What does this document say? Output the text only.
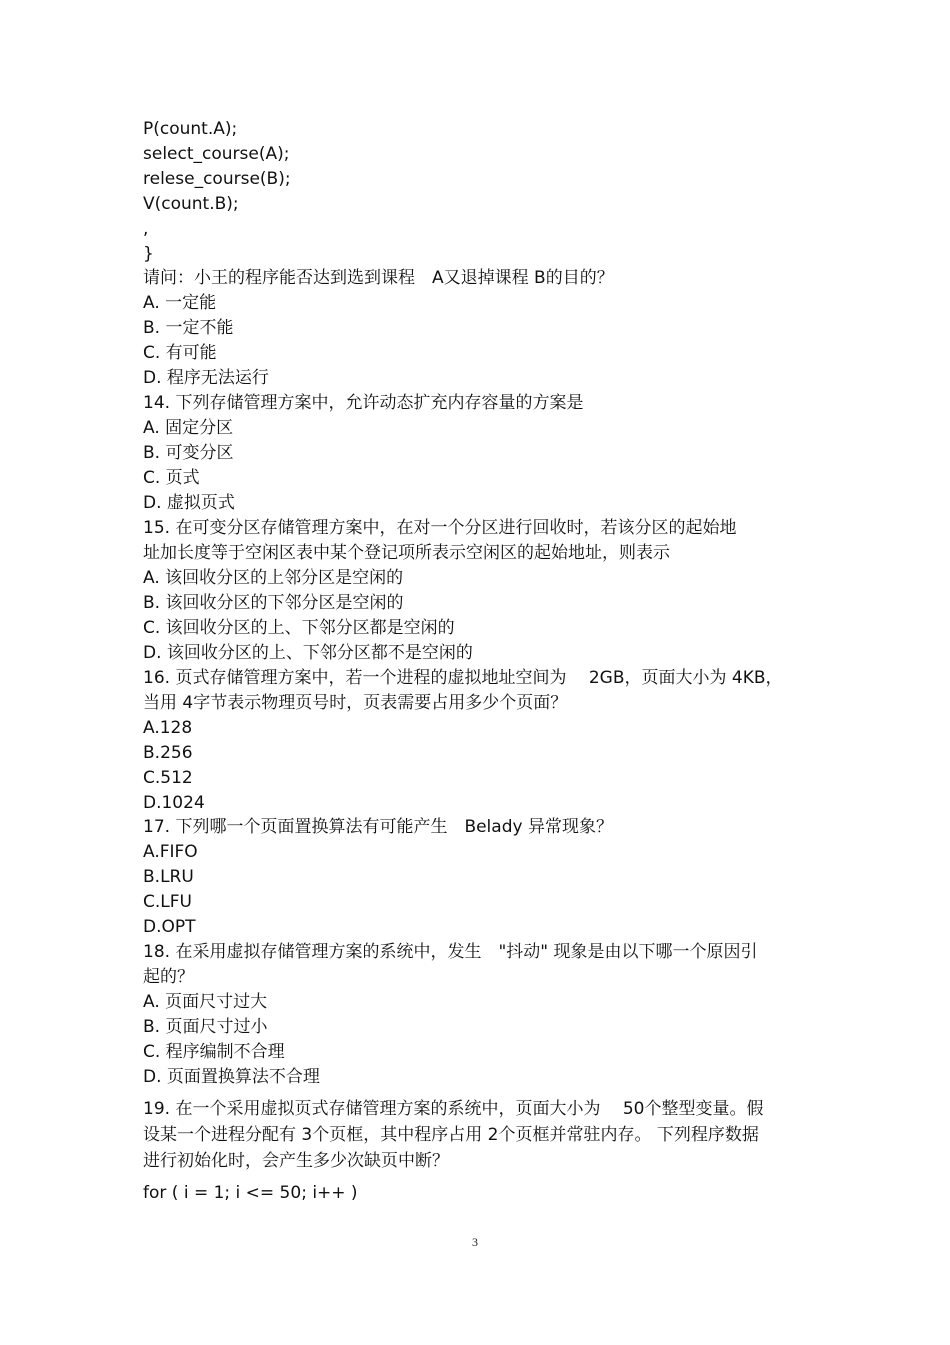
P(count.A);
select_course(A);
relese_course(B);
V(count.B);
,
}
请问：小王的程序能否达到选到课程　A又退掉课程 B的目的？
A. 一定能
B. 一定不能
C. 有可能
D. 程序无法运行
14. 下列存储管理方案中，允许动态扩充内存容量的方案是
A. 固定分区
B. 可变分区
C. 页式
D. 虚拟页式
15. 在可变分区存储管理方案中，在对一个分区进行回收时，若该分区的起始地
址加长度等于空闲区表中某个登记项所表示空闲区的起始地址，则表示
A. 该回收分区的上邻分区是空闲的
B. 该回收分区的下邻分区是空闲的
C. 该回收分区的上、下邻分区都是空闲的
D. 该回收分区的上、下邻分区都不是空闲的
16. 页式存储管理方案中，若一个进程的虚拟地址空间为　 2GB，页面大小为 4KB，
当用 4字节表示物理页号时，页表需要占用多少个页面？
A.128
B.256
C.512
D.1024
17. 下列哪一个页面置换算法有可能产生　Belady 异常现象？
A.FIFO
B.LRU
C.LFU
D.OPT
18. 在采用虚拟存储管理方案的系统中，发生　"抖动" 现象是由以下哪一个原因引
起的？
A. 页面尺寸过大
B. 页面尺寸过小
C. 程序编制不合理
D. 页面置换算法不合理
19. 在一个采用虚拟页式存储管理方案的系统中，页面大小为　 50个整型变量。假
设某一个进程分配有 3个页框，其中程序占用 2个页框并常驻内存。 下列程序数据
进行初始化时，会产生多少次缺页中断？
for ( i = 1; i <= 50; i++ )
3
